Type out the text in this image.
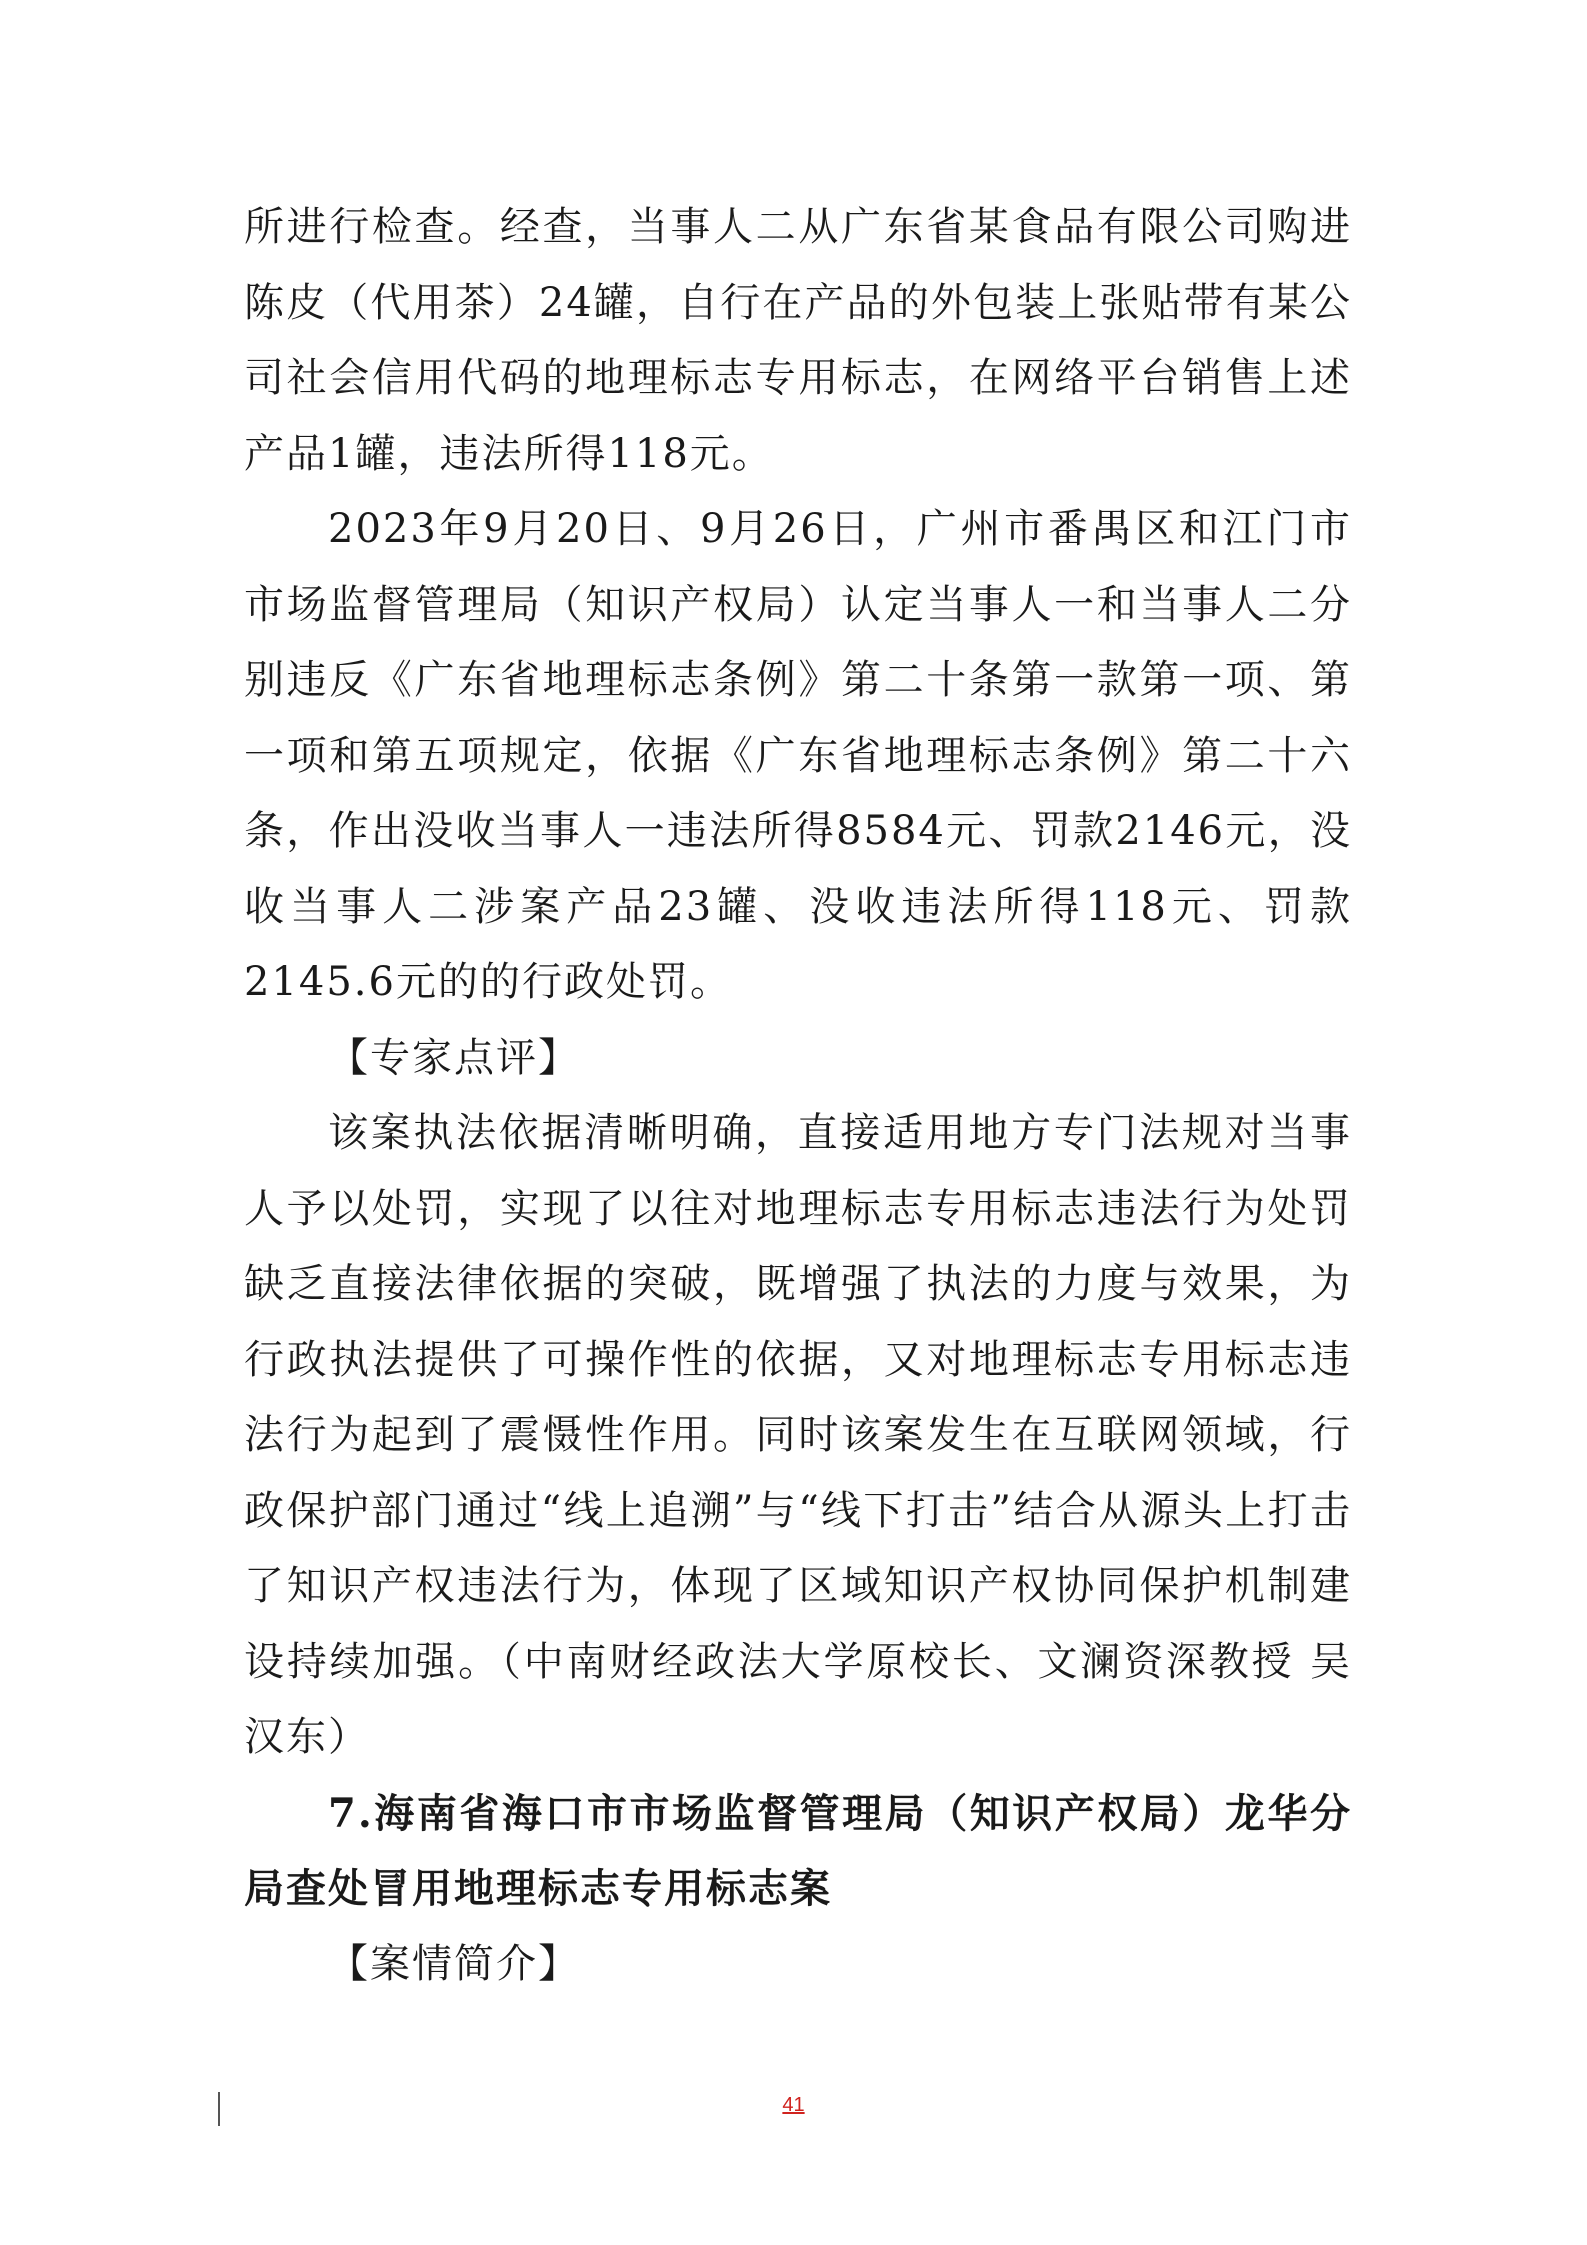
所进行检查。经查，当事人二从广东省某食品有限公司购进陈皮（代用茶）24罐，自行在产品的外包装上张贴带有某公司社会信用代码的地理标志专用标志，在网络平台销售上述产品1罐，违法所得118元。

2023年9月20日、9月26日，广州市番禺区和江门市市场监督管理局（知识产权局）认定当事人一和当事人二分别违反《广东省地理标志条例》第二十条第一款第一项、第一项和第五项规定，依据《广东省地理标志条例》第二十六条，作出没收当事人一违法所得8584元、罚款2146元，没收当事人二涉案产品23罐、没收违法所得118元、罚款2145.6元的的行政处罚。

【专家点评】

该案执法依据清晰明确，直接适用地方专门法规对当事人予以处罚，实现了以往对地理标志专用标志违法行为处罚缺乏直接法律依据的突破，既增强了执法的力度与效果，为行政执法提供了可操作性的依据，又对地理标志专用标志违法行为起到了震慑性作用。同时该案发生在互联网领域，行政保护部门通过“线上追溯”与“线下打击”结合从源头上打击了知识产权违法行为，体现了区域知识产权协同保护机制建设持续加强。（中南财经政法大学原校长、文澜资深教授 吴汉东）

7.海南省海口市市场监督管理局（知识产权局）龙华分局查处冒用地理标志专用标志案

【案情简介】

41
